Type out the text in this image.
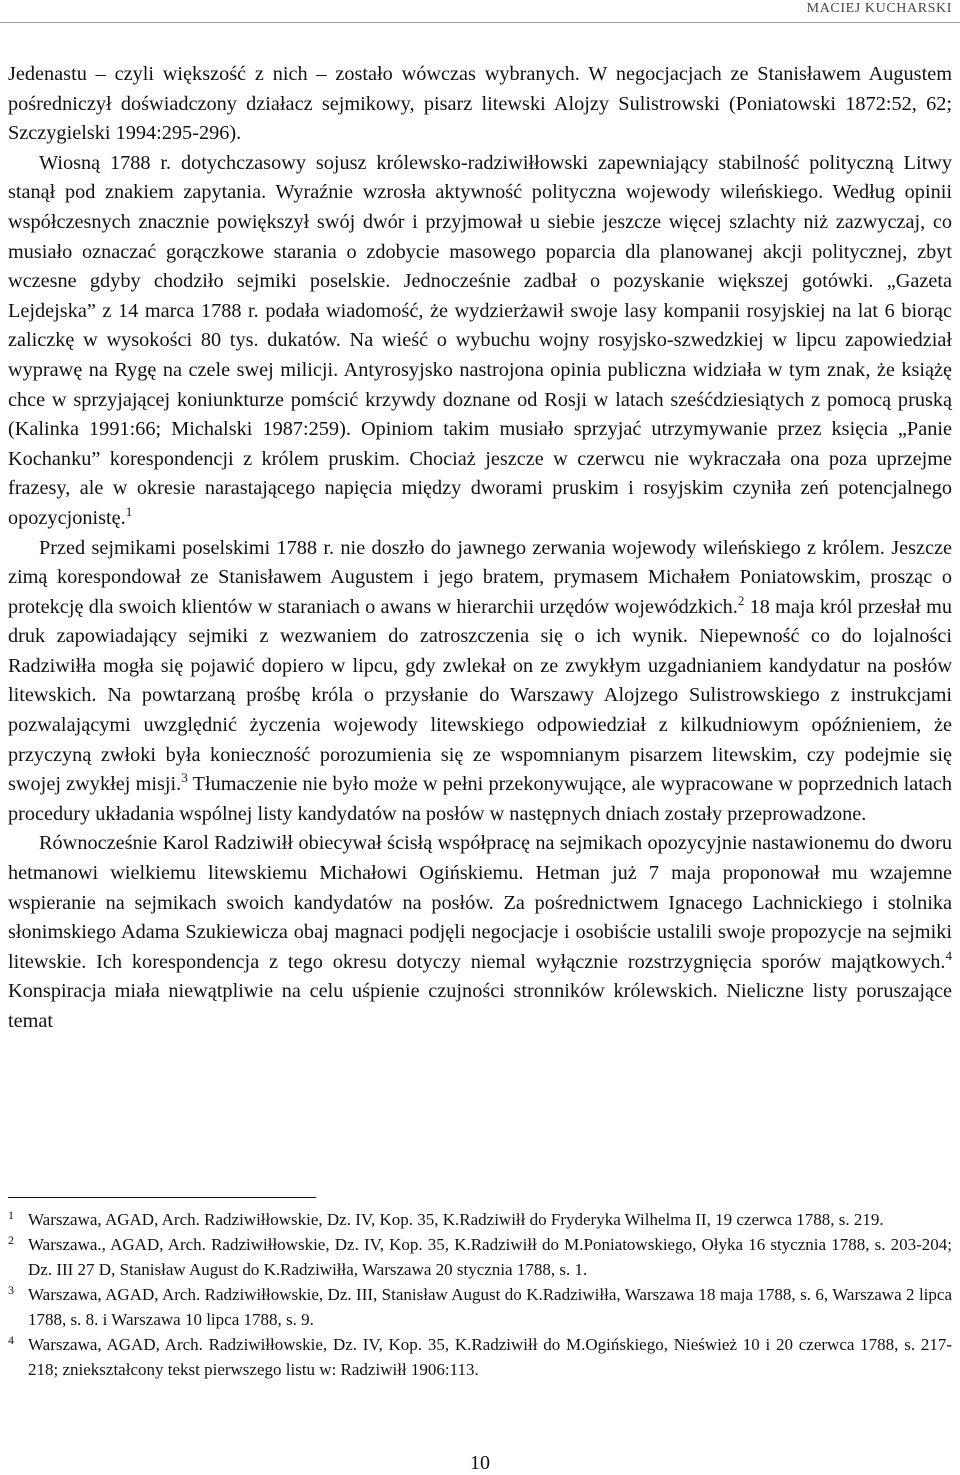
MACIEJ KUCHARSKI

Jedenastu – czyli większość z nich – zostało wówczas wybranych. W negocjacjach ze Stanisławem Augustem pośredniczył doświadczony działacz sejmikowy, pisarz litewski Alojzy Sulistrowski (Poniatowski 1872:52, 62; Szczygielski 1994:295-296).

Wiosną 1788 r. dotychczasowy sojusz królewsko-radziwiłłowski zapewniający stabilność polityczną Litwy stanął pod znakiem zapytania. Wyraźnie wzrosła aktywność polityczna wojewody wileńskiego. Według opinii współczesnych znacznie powiększył swój dwór i przyjmował u siebie jeszcze więcej szlachty niż zazwyczaj, co musiało oznaczać gorączkowe starania o zdobycie masowego poparcia dla planowanej akcji politycznej, zbyt wczesne gdyby chodziło sejmiki poselskie. Jednocześnie zadbał o pozyskanie większej gotówki. „Gazeta Lejdejska” z 14 marca 1788 r. podała wiadomość, że wydzierżawił swoje lasy kompanii rosyjskiej na lat 6 biorąc zaliczkę w wysokości 80 tys. dukatów. Na wieść o wybuchu wojny rosyjsko-szwedzkiej w lipcu zapowiedział wyprawę na Rygę na czele swej milicji. Antyrosyjsko nastrojona opinia publiczna widziała w tym znak, że książę chce w sprzyjającej koniunkturze pomścić krzywdy doznane od Rosji w latach sześćdziesiątych z pomocą pruską (Kalinka 1991:66; Michalski 1987:259). Opiniom takim musiało sprzyjać utrzymywanie przez księcia „Panie Kochanku” korespondencji z królem pruskim. Chociaż jeszcze w czerwcu nie wykraczała ona poza uprzejme frazesy, ale w okresie narastającego napięcia między dworami pruskim i rosyjskim czyniła zeń potencjalnego opozycjonistę.$^1$

Przed sejmikami poselskimi 1788 r. nie doszło do jawnego zerwania wojewody wileńskiego z królem. Jeszcze zimą korespondował ze Stanisławem Augustem i jego bratem, prymasem Michałem Poniatowskim, prosząc o protekcję dla swoich klientów w staraniach o awans w hierarchii urzędów wojewódzkich.$^2$ 18 maja król przesłał mu druk zapowiadający sejmiki z wezwaniem do zatroszczenia się o ich wynik. Niepewność co do lojalności Radziwiłła mogła się pojawić dopiero w lipcu, gdy zwlekał on ze zwykłym uzgadnianiem kandydatur na posłów litewskich. Na powtarzaną prośbę króla o przysłanie do Warszawy Alojzego Sulistrowskiego z instrukcjami pozwalającymi uwzględnić życzenia wojewody litewskiego odpowiedział z kilkudniowym opóźnieniem, że przyczyną zwłoki była konieczność porozumienia się ze wspomnianym pisarzem litewskim, czy podejmie się swojej zwykłej misji.$^3$ Tłumaczenie nie było może w pełni przekonywujące, ale wypracowane w poprzednich latach procedury układania wspólnej listy kandydatów na posłów w następnych dniach zostały przeprowadzone.

Równocześnie Karol Radziwiłł obiecywał ścisłą współpracę na sejmikach opozycyjnie nastawionemu do dworu hetmanowi wielkiemu litewskiemu Michałowi Ogińskiemu. Hetman już 7 maja proponował mu wzajemne wspieranie na sejmikach swoich kandydatów na posłów. Za pośrednictwem Ignacego Lachnickiego i stolnika słonimskiego Adama Szukiewicza obaj magnaci podjęli negocjacje i osobiście ustalili swoje propozycje na sejmiki litewskie. Ich korespondencja z tego okresu dotyczy niemal wyłącznie rozstrzygnięcia sporów majątkowych.$^4$ Konspiracja miała niewątpliwie na celu uśpienie czujności stronników królewskich. Nieliczne listy poruszające temat

1 Warszawa, AGAD, Arch. Radziwiłłowskie, Dz. IV, Kop. 35, K.Radziwiłł do Fryderyka Wilhelma II, 19 czerwca 1788, s. 219.
2 Warszawa., AGAD, Arch. Radziwiłłowskie, Dz. IV, Kop. 35, K.Radziwiłł do M.Poniatowskiego, Ołyka 16 stycznia 1788, s. 203-204; Dz. III 27 D, Stanisław August do K.Radziwiłła, Warszawa 20 stycznia 1788, s. 1.
3 Warszawa, AGAD, Arch. Radziwiłłowskie, Dz. III, Stanisław August do K.Radziwiłła, Warszawa 18 maja 1788, s. 6, Warszawa 2 lipca 1788, s. 8. i Warszawa 10 lipca 1788, s. 9.
4 Warszawa, AGAD, Arch. Radziwiłłowskie, Dz. IV, Kop. 35, K.Radziwiłł do M.Ogińskiego, Nieśwież 10 i 20 czerwca 1788, s. 217-218; zniekształcony tekst pierwszego listu w: Radziwiłł 1906:113.
10
